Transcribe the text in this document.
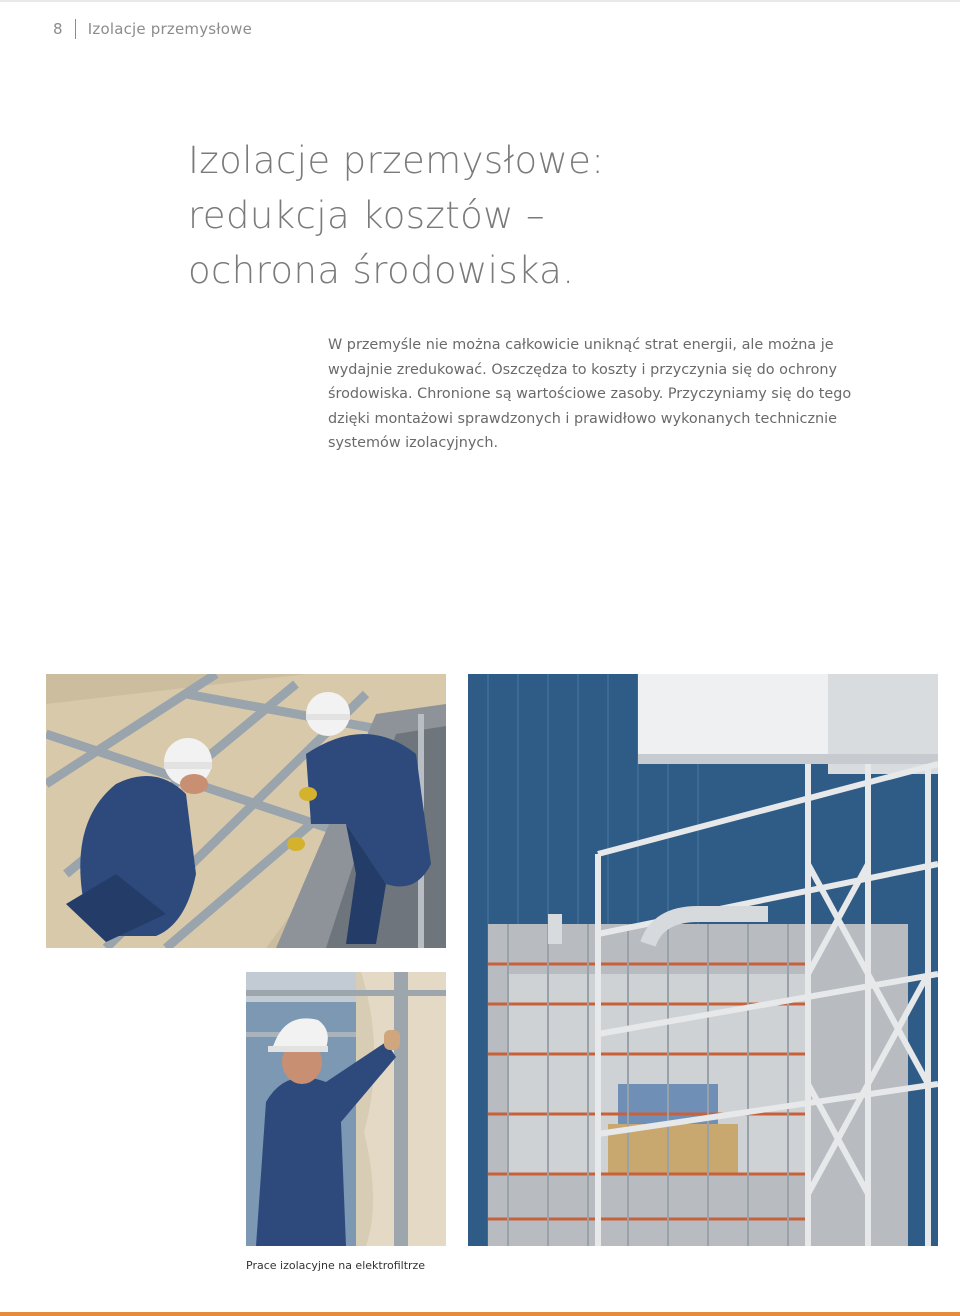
8	Izolacje przemysłowe
Izolacje przemysłowe:
redukcja kosztów –
ochrona środowiska.

W przemyśle nie można całkowicie uniknąć strat energii, ale można je wydajnie zredukować. Oszczędza to koszty i przyczynia się do ochrony środowiska. Chronione są wartościowe zasoby. Przyczyniamy się do tego dzięki montażowi sprawdzonych i prawidłowo wykonanych technicznie systemów izolacyjnych.

Prace izolacyjne na elektrofiltrze
